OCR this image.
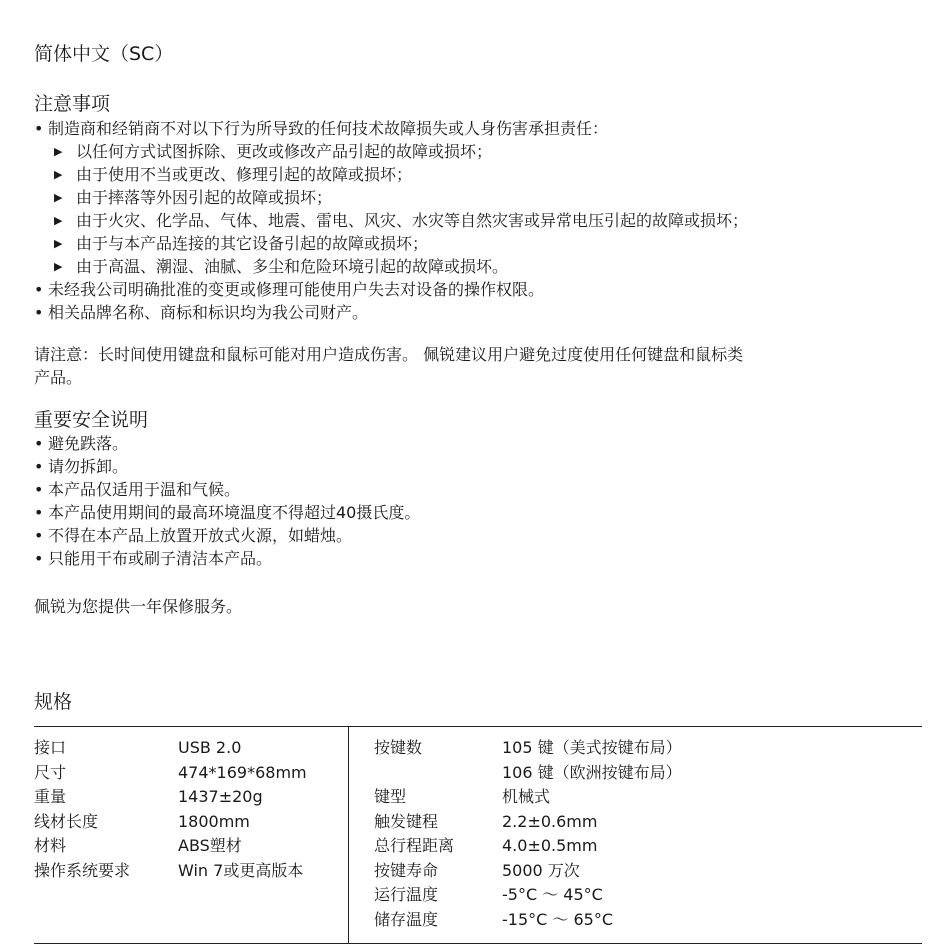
简体中文（SC）
注意事项
• 制造商和经销商不对以下行为所导致的任何技术故障损失或人身伤害承担责任：
▶ 以任何方式试图拆除、更改或修改产品引起的故障或损坏；
▶ 由于使用不当或更改、修理引起的故障或损坏；
▶ 由于摔落等外因引起的故障或损坏；
▶ 由于火灾、化学品、气体、地震、雷电、风灾、水灾等自然灾害或异常电压引起的故障或损坏；
▶ 由于与本产品连接的其它设备引起的故障或损坏；
▶ 由于高温、潮湿、油腻、多尘和危险环境引起的故障或损坏。
• 未经我公司明确批准的变更或修理可能使用户失去对设备的操作权限。
• 相关品牌名称、商标和标识均为我公司财产。
请注意：长时间使用键盘和鼠标可能对用户造成伤害。 佩锐建议用户避免过度使用任何键盘和鼠标类
产品。
重要安全说明
• 避免跌落。
• 请勿拆卸。
• 本产品仅适用于温和气候。
• 本产品使用期间的最高环境温度不得超过40摄氏度。
• 不得在本产品上放置开放式火源，如蜡烛。
• 只能用干布或刷子清洁本产品。
佩锐为您提供一年保修服务。
规格
接口
尺寸
重量
线材长度
材料
操作系统要求
USB 2.0
474*169*68mm
1437±20g
1800mm
ABS塑材
Win 7或更高版本
按键数
键型
触发键程
总行程距离
按键寿命
运行温度
储存温度
105 键（美式按键布局）
106 键（欧洲按键布局）
机械式
2.2±0.6mm
4.0±0.5mm
5000 万次
-5°C ～ 45°C
-15°C ～ 65°C
